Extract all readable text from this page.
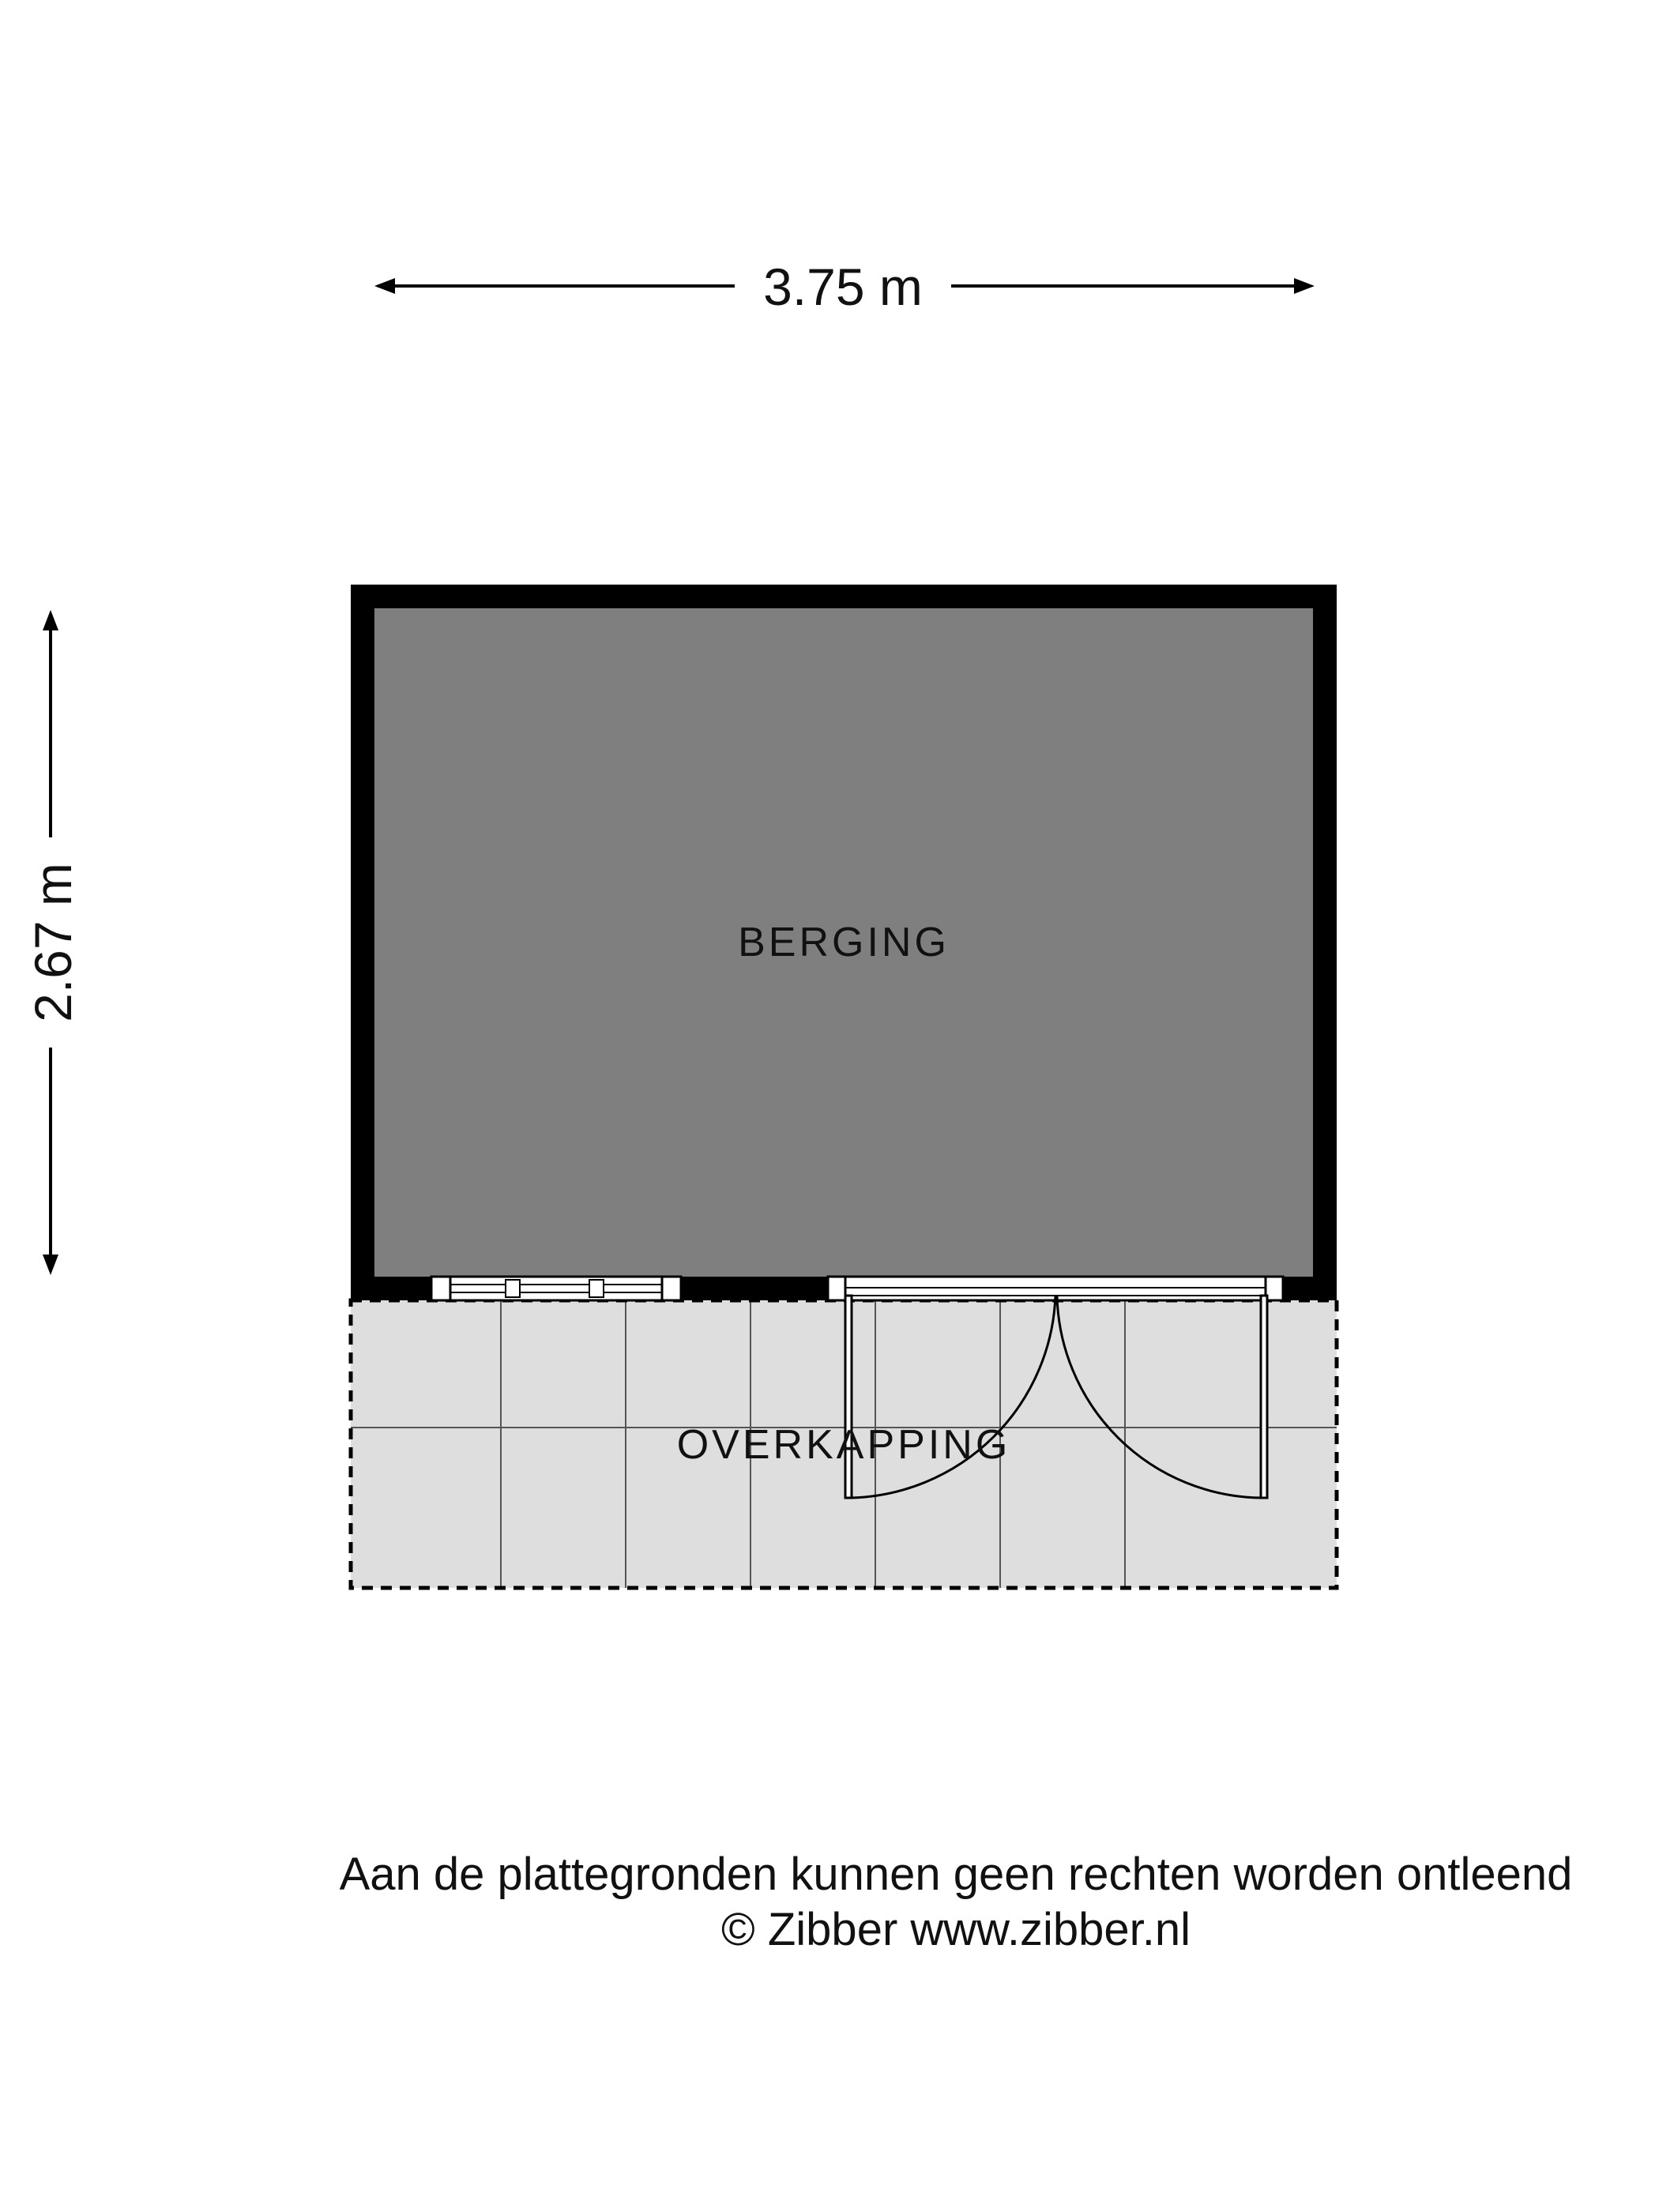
3.75 m
2.67 m	BERGING
OVERKAPPING
Aan de plattegronden kunnen geen rechten worden ontleend
© Zibber www.zibber.nl
